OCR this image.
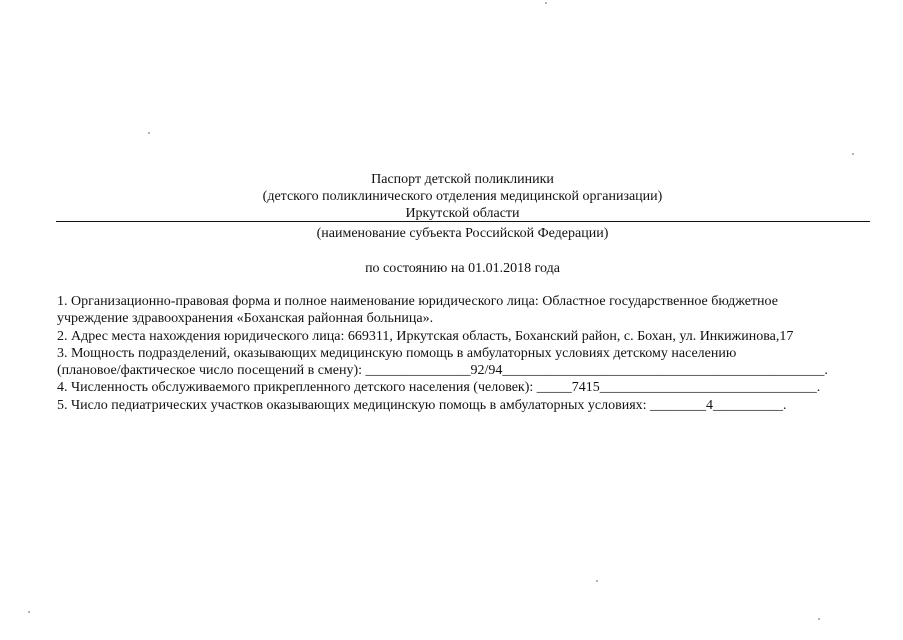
Паспорт детской поликлиники
(детского поликлинического отделения медицинской организации)
Иркутской области
(наименование субъекта Российской Федерации)
по состоянию на 01.01.2018 года
1. Организационно-правовая форма и полное наименование юридического лица: Областное государственное бюджетное
учреждение здравоохранения «Боханская районная больница».
2. Адрес места нахождения юридического лица: 669311, Иркутская область, Боханский район, с. Бохан, ул. Инкижинова,17
3. Мощность подразделений, оказывающих медицинскую помощь в амбулаторных условиях детскому населению
(плановое/фактическое число посещений в смену): _______________92/94______________________________________________.
4. Численность обслуживаемого прикрепленного детского населения (человек): _____7415_______________________________.
5. Число педиатрических участков оказывающих медицинскую помощь в амбулаторных условиях: ________4__________.
